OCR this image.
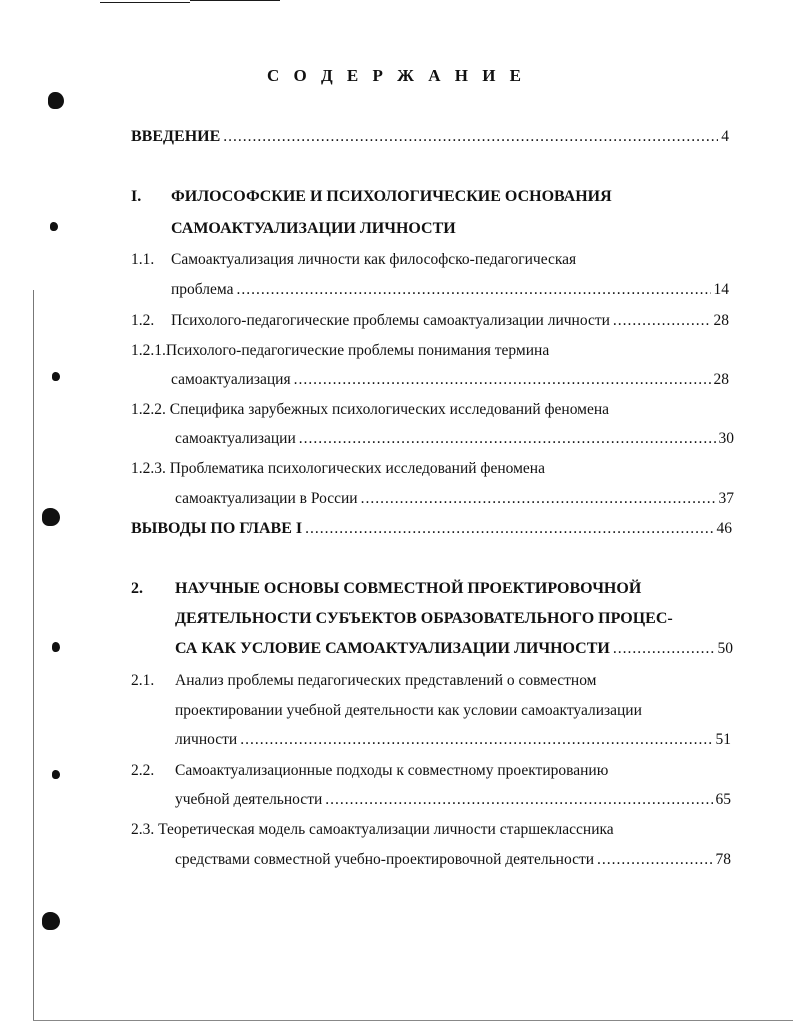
С О Д Е Р Ж А Н И Е
ВВЕДЕНИЕ .....	4
I. ФИЛОСОФСКИЕ И ПСИХОЛОГИЧЕСКИЕ ОСНОВАНИЯ
САМОАКТУАЛИЗАЦИИ ЛИЧНОСТИ
1.1. Самоактуализация личности как философско-педагогическая
проблема .....	14
1.2.	Психолого-педагогические проблемы самоактуализации личности .....	28
1.2.1.Психолого-педагогические проблемы понимания термина
самоактуализация .....	28
1.2.2. Специфика зарубежных психологических исследований феномена
самоактуализации .....	30
1.2.3. Проблематика психологических исследований феномена
самоактуализации в России .....	37
ВЫВОДЫ ПО ГЛАВЕ I .....	46
2. НАУЧНЫЕ ОСНОВЫ СОВМЕСТНОЙ ПРОЕКТИРОВОЧНОЙ
ДЕЯТЕЛЬНОСТИ СУБЪЕКТОВ ОБРАЗОВАТЕЛЬНОГО ПРОЦЕС-
СА КАК УСЛОВИЕ САМОАКТУАЛИЗАЦИИ ЛИЧНОСТИ .....	50
2.1. Анализ проблемы педагогических представлений о совместном
проектировании учебной деятельности как условии самоактуализации
личности .....	51
2.2. Самоактуализационные подходы к совместному проектированию
учебной деятельности .....	65
2.3. Теоретическая модель самоактуализации личности старшеклассника
средствами совместной учебно-проектировочной деятельности .....	78
